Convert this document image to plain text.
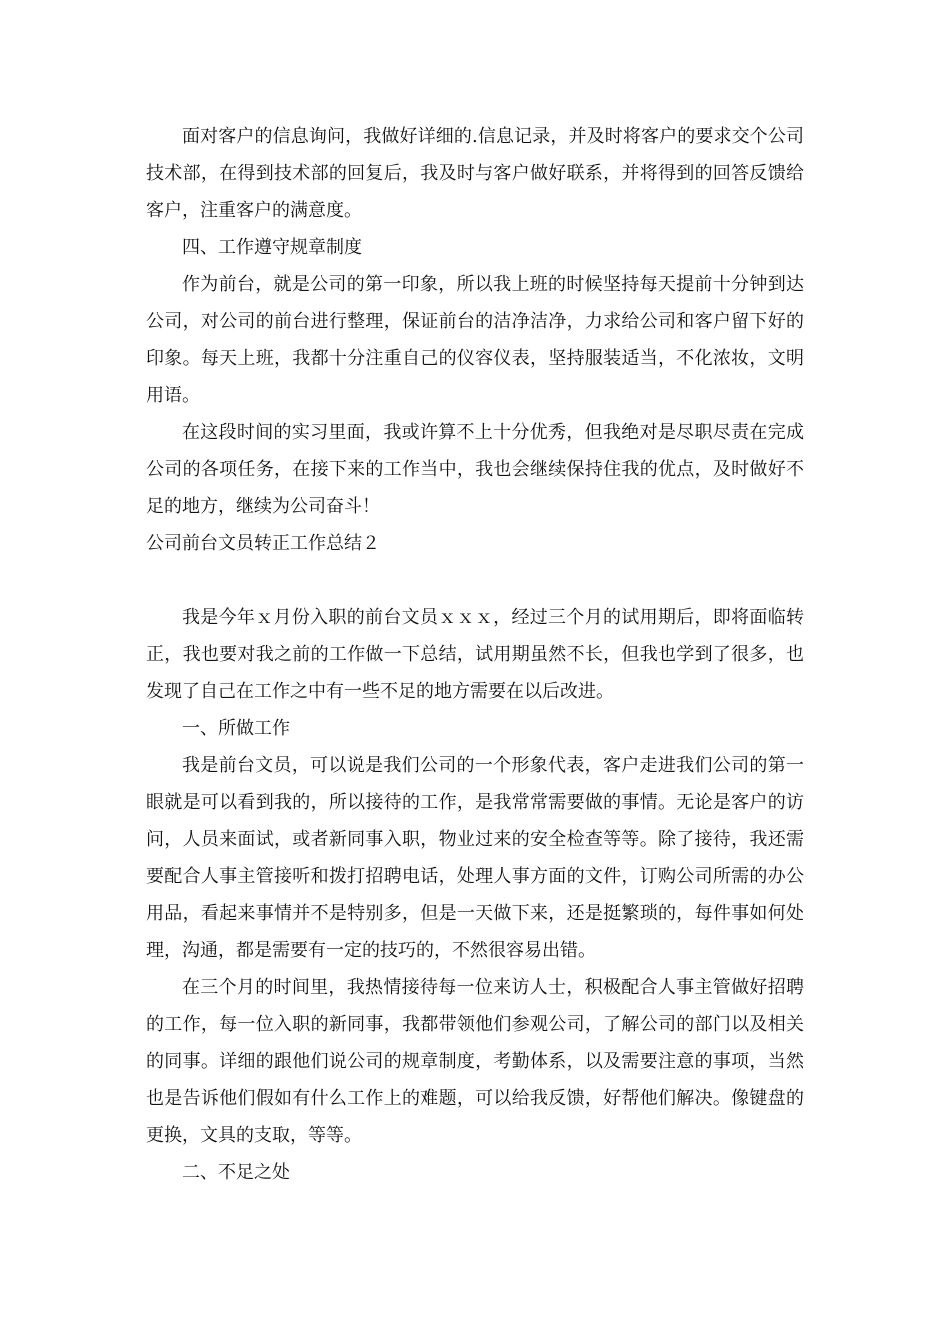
面对客户的信息询问，我做好详细的.信息记录，并及时将客户的要求交个公司技术部，在得到技术部的回复后，我及时与客户做好联系，并将得到的回答反馈给客户，注重客户的满意度。

四、工作遵守规章制度

作为前台，就是公司的第一印象，所以我上班的时候坚持每天提前十分钟到达公司，对公司的前台进行整理，保证前台的洁净洁净，力求给公司和客户留下好的印象。每天上班，我都十分注重自己的仪容仪表，坚持服装适当，不化浓妆，文明用语。

在这段时间的实习里面，我或许算不上十分优秀，但我绝对是尽职尽责在完成公司的各项任务，在接下来的工作当中，我也会继续保持住我的优点，及时做好不足的地方，继续为公司奋斗！

公司前台文员转正工作总结２

我是今年ｘ月份入职的前台文员ｘｘｘ，经过三个月的试用期后，即将面临转正，我也要对我之前的工作做一下总结，试用期虽然不长，但我也学到了很多，也发现了自己在工作之中有一些不足的地方需要在以后改进。

一、所做工作

我是前台文员，可以说是我们公司的一个形象代表，客户走进我们公司的第一眼就是可以看到我的，所以接待的工作，是我常常需要做的事情。无论是客户的访问，人员来面试，或者新同事入职，物业过来的安全检查等等。除了接待，我还需要配合人事主管接听和拨打招聘电话，处理人事方面的文件，订购公司所需的办公用品，看起来事情并不是特别多，但是一天做下来，还是挺繁琐的，每件事如何处理，沟通，都是需要有一定的技巧的，不然很容易出错。

在三个月的时间里，我热情接待每一位来访人士，积极配合人事主管做好招聘的工作，每一位入职的新同事，我都带领他们参观公司，了解公司的部门以及相关的同事。详细的跟他们说公司的规章制度，考勤体系，以及需要注意的事项，当然也是告诉他们假如有什么工作上的难题，可以给我反馈，好帮他们解决。像键盘的更换，文具的支取，等等。

二、不足之处
